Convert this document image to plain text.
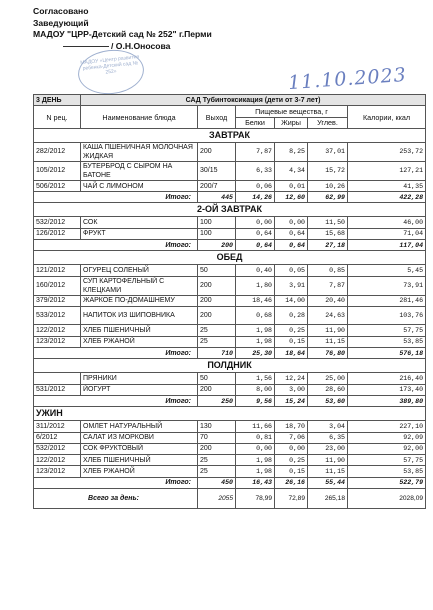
Согласовано
Заведующий
МАДОУ "ЦРР-Детский сад № 252" г.Перми
/ О.Н.Оносова
МАДОУ «Центр развития ребенка-Детский сад № 252»	11.10.2023
3 ДЕНЬ	САД Тубинтоксикация (дети от 3-7 лет)					
N рец.	Наименование блюда	Выход	Пищевые вещества, г			Калории, ккал
			Белки	Жиры	Углев.	
ЗАВТРАК						
282/2012	КАША ПШЕНИЧНАЯ МОЛОЧНАЯ ЖИДКАЯ	200	7,87	8,25	37,01	253,72
105/2012	БУТЕРБРОД С СЫРОМ НА БАТОНЕ	30/15	6,33	4,34	15,72	127,21
506/2012	ЧАЙ С ЛИМОНОМ	200/7	0,06	0,01	10,26	41,35
Итого:		445	14,26	12,60	62,99	422,28
2-ОЙ ЗАВТРАК						
532/2012	СОК	100	0,00	0,00	11,50	46,00
126/2012	ФРУКТ	100	0,64	0,64	15,68	71,04
Итого:		200	0,64	0,64	27,18	117,04
ОБЕД						
121/2012	ОГУРЕЦ СОЛЕНЫЙ	50	0,40	0,05	0,85	5,45
160/2012	СУП КАРТОФЕЛЬНЫЙ С КЛЕЦКАМИ	200	1,80	3,91	7,87	73,91
379/2012	ЖАРКОЕ ПО-ДОМАШНЕМУ	200	18,46	14,00	20,40	281,46
533/2012	НАПИТОК ИЗ ШИПОВНИКА	200	0,68	0,28	24,63	103,76
122/2012	ХЛЕБ ПШЕНИЧНЫЙ	25	1,98	0,25	11,90	57,75
123/2012	ХЛЕБ РЖАНОЙ	25	1,98	0,15	11,15	53,85
Итого:		710	25,30	18,64	76,80	576,18
ПОЛДНИК						
	ПРЯНИКИ	50	1,56	12,24	25,00	216,40
531/2012	ЙОГУРТ	200	8,00	3,00	28,60	173,40
Итого:		250	9,56	15,24	53,60	389,80
УЖИН						
311/2012	ОМЛЕТ НАТУРАЛЬНЫЙ	130	11,66	18,70	3,04	227,10
6/2012	САЛАТ ИЗ МОРКОВИ	70	0,81	7,06	6,35	92,09
532/2012	СОК ФРУКТОВЫЙ	200	0,00	0,00	23,00	92,00
122/2012	ХЛЕБ ПШЕНИЧНЫЙ	25	1,98	0,25	11,90	57,75
123/2012	ХЛЕБ РЖАНОЙ	25	1,98	0,15	11,15	53,85
Итого:		450	16,43	26,16	55,44	522,79
Всего за день:		2055	78,99	72,89	265,18	2028,09
